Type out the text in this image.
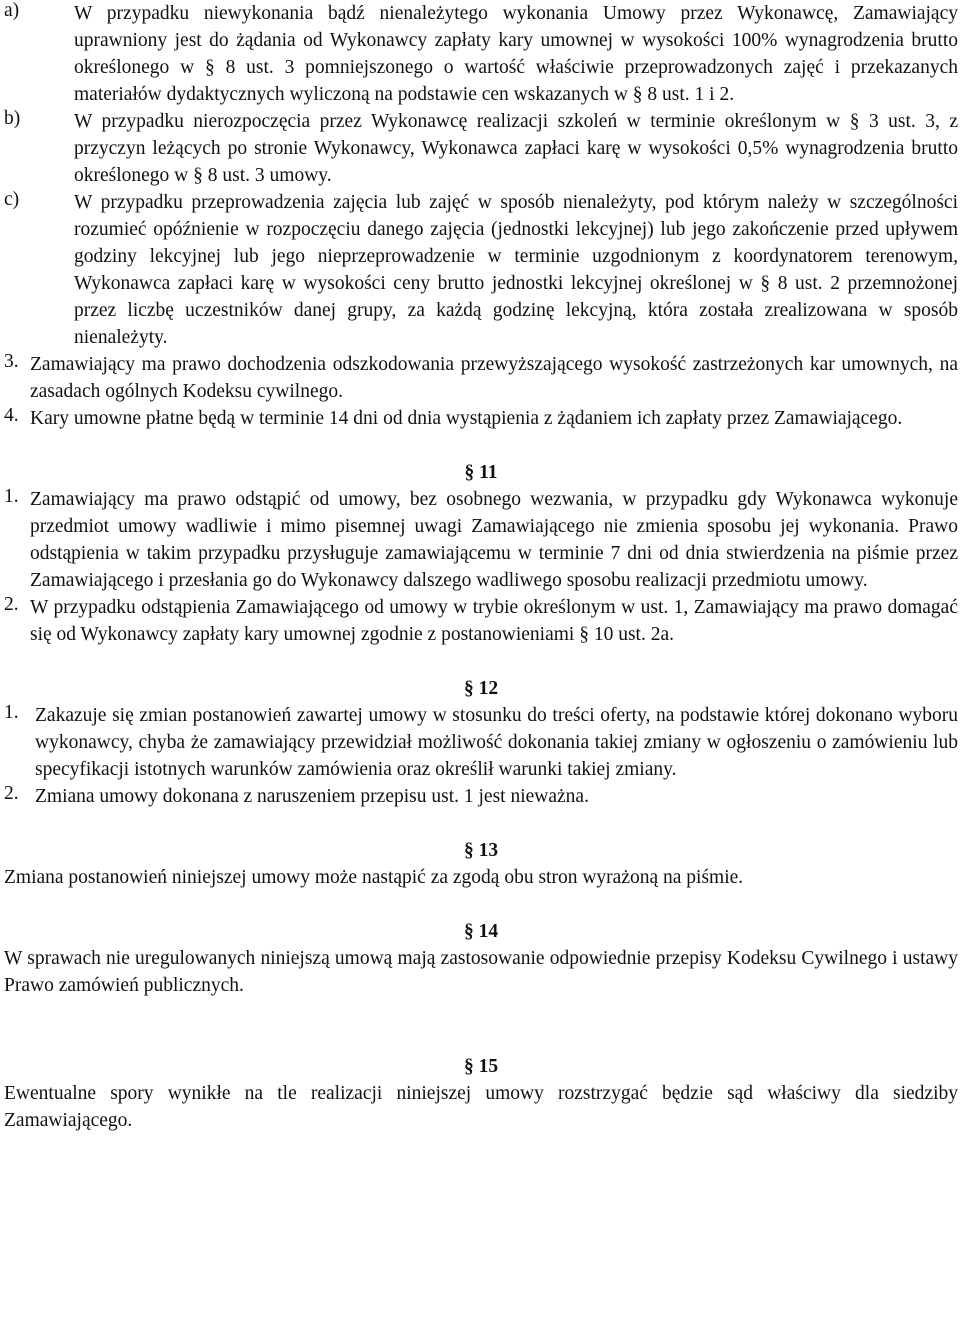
a)	W przypadku niewykonania bądź nienależytego wykonania Umowy przez Wykonawcę, Zamawiający uprawniony jest do żądania od Wykonawcy zapłaty kary umownej w wysokości 100% wynagrodzenia brutto określonego w § 8 ust. 3 pomniejszonego o wartość właściwie przeprowadzonych zajęć i przekazanych materiałów dydaktycznych wyliczoną na podstawie cen wskazanych w § 8 ust. 1 i 2.
b)	W przypadku nierozpoczęcia przez Wykonawcę realizacji szkoleń w terminie określonym w § 3 ust. 3, z przyczyn leżących po stronie Wykonawcy, Wykonawca zapłaci karę w wysokości 0,5% wynagrodzenia brutto określonego w § 8 ust. 3 umowy.
c)	W przypadku przeprowadzenia zajęcia lub zajęć w sposób nienależyty, pod którym należy w szczególności rozumieć opóźnienie w rozpoczęciu danego zajęcia (jednostki lekcyjnej) lub jego zakończenie przed upływem godziny lekcyjnej lub jego nieprzeprowadzenie w terminie uzgodnionym z koordynatorem terenowym, Wykonawca zapłaci karę w wysokości ceny brutto jednostki lekcyjnej określonej w § 8 ust. 2 przemnożonej przez liczbę uczestników danej grupy, za każdą godzinę lekcyjną, która została zrealizowana w sposób nienależyty.
3. Zamawiający ma prawo dochodzenia odszkodowania przewyższającego wysokość zastrzeżonych kar umownych, na zasadach ogólnych Kodeksu cywilnego.
4. Kary umowne płatne będą w terminie 14 dni od dnia wystąpienia z żądaniem ich zapłaty przez Zamawiającego.

§ 11

1. Zamawiający ma prawo odstąpić od umowy, bez osobnego wezwania, w przypadku gdy Wykonawca wykonuje przedmiot umowy wadliwie i mimo pisemnej uwagi Zamawiającego nie zmienia sposobu jej wykonania. Prawo odstąpienia w takim przypadku przysługuje zamawiającemu w terminie 7 dni od dnia stwierdzenia na piśmie przez Zamawiającego i przesłania go do Wykonawcy dalszego wadliwego sposobu realizacji przedmiotu umowy.
2. W przypadku odstąpienia Zamawiającego od umowy w trybie określonym w ust. 1, Zamawiający ma prawo domagać się od Wykonawcy zapłaty kary umownej zgodnie z postanowieniami § 10 ust. 2a.

§ 12

1. Zakazuje się zmian postanowień zawartej umowy w stosunku do treści oferty, na podstawie której dokonano wyboru wykonawcy, chyba że zamawiający przewidział możliwość dokonania takiej zmiany w ogłoszeniu o zamówieniu lub specyfikacji istotnych warunków zamówienia oraz określił warunki takiej zmiany.
2. Zmiana umowy dokonana z naruszeniem przepisu ust. 1 jest nieważna.

§ 13

Zmiana postanowień niniejszej umowy może nastąpić za zgodą obu stron wyrażoną na piśmie.

§ 14

W sprawach nie uregulowanych niniejszą umową mają zastosowanie odpowiednie przepisy Kodeksu Cywilnego i ustawy Prawo zamówień publicznych.

§ 15

Ewentualne spory wynikłe na tle realizacji niniejszej umowy rozstrzygać będzie sąd właściwy dla siedziby Zamawiającego.
